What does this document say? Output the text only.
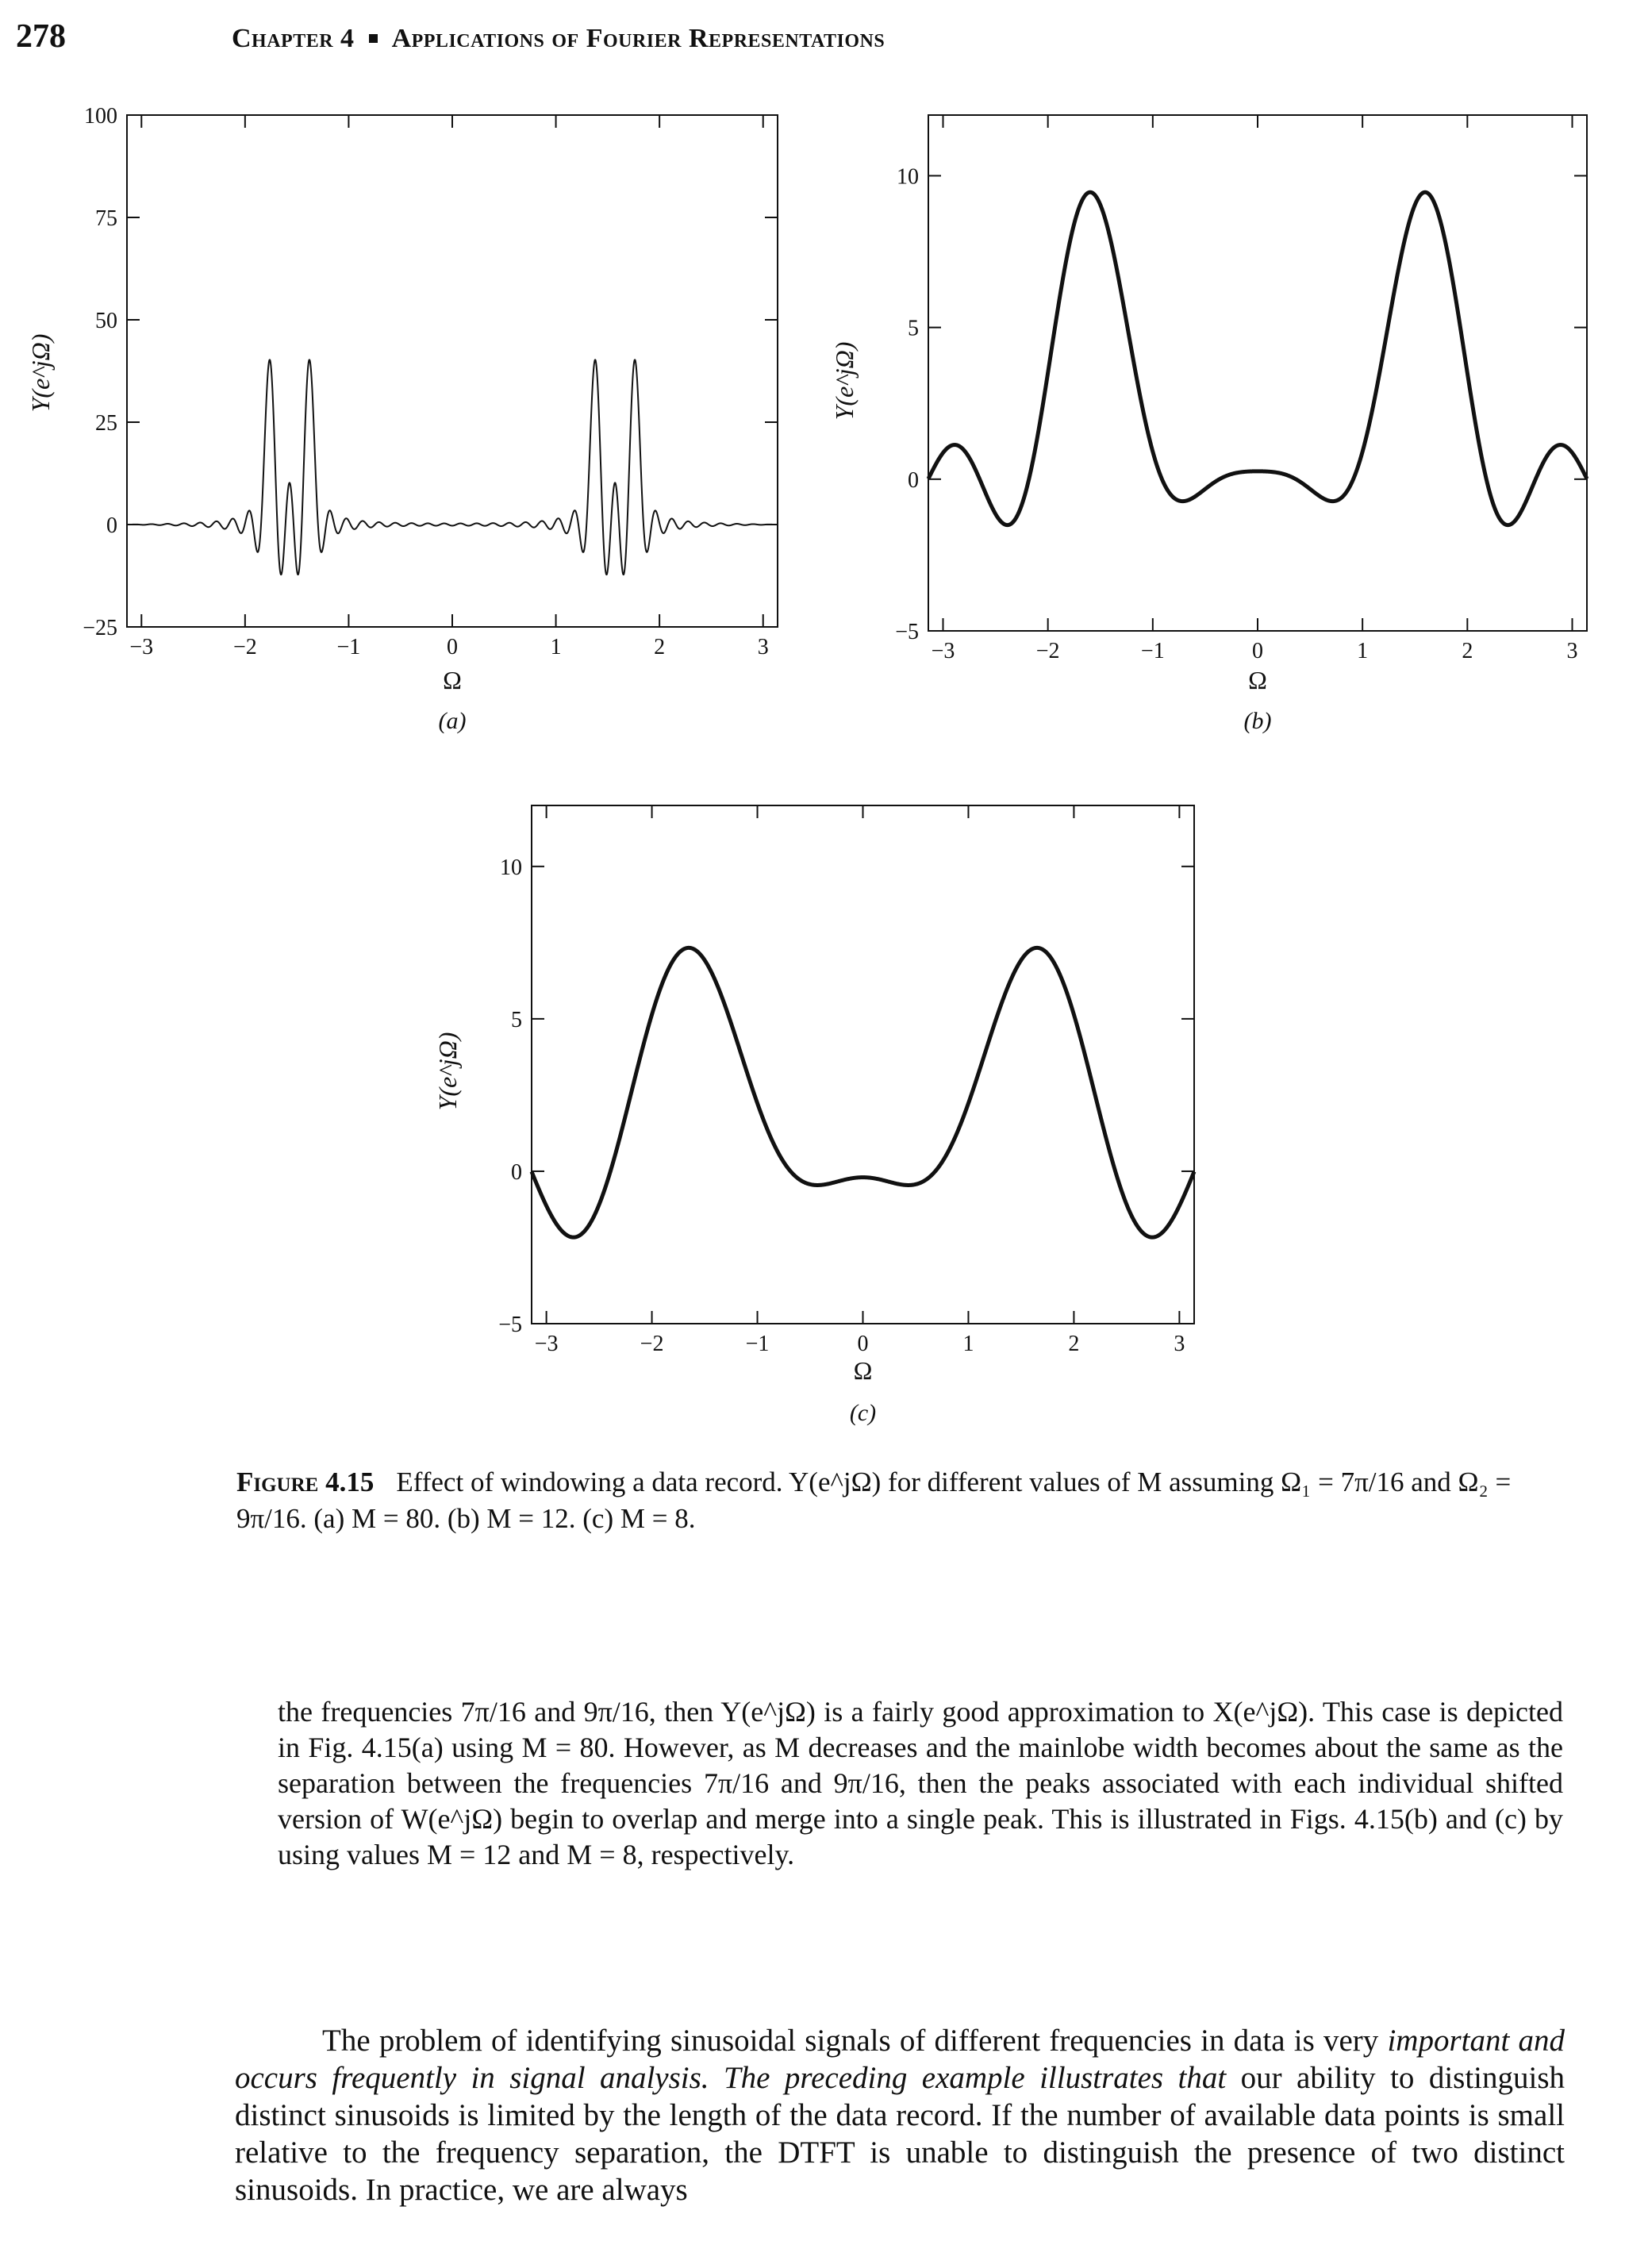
278	Chapter 4 Applications of Fourier Representations
−3	−2	−1	0	1	2	3
−25
0
25
50
75
100
Ω
(a)
Y(e^jΩ)
−3	−2	−1	0	1	2	3
−5
0
5
10
Ω
(b)
Y(e^jΩ)
−3	−2	−1	0	1	2	3
−5
0
5
10
Ω
(c)
Y(e^jΩ)
Figure 4.15 Effect of windowing a data record. Y(e^jΩ) for different values of M assuming Ω₁ = 7π/16 and Ω₂ = 9π/16. (a) M = 80. (b) M = 12. (c) M = 8.
the frequencies 7π/16 and 9π/16, then Y(e^jΩ) is a fairly good approximation to X(e^jΩ). This case is depicted in Fig. 4.15(a) using M = 80. However, as M decreases and the mainlobe width becomes about the same as the separation between the frequencies 7π/16 and 9π/16, then the peaks associated with each individual shifted version of W(e^jΩ) begin to overlap and merge into a single peak. This is illustrated in Figs. 4.15(b) and (c) by using values M = 12 and M = 8, respectively.
The problem of identifying sinusoidal signals of different frequencies in data is very important and occurs frequently in signal analysis. The preceding example illustrates that our ability to distinguish distinct sinusoids is limited by the length of the data record. If the number of available data points is small relative to the frequency separation, the DTFT is unable to distinguish the presence of two distinct sinusoids. In practice, we are always
